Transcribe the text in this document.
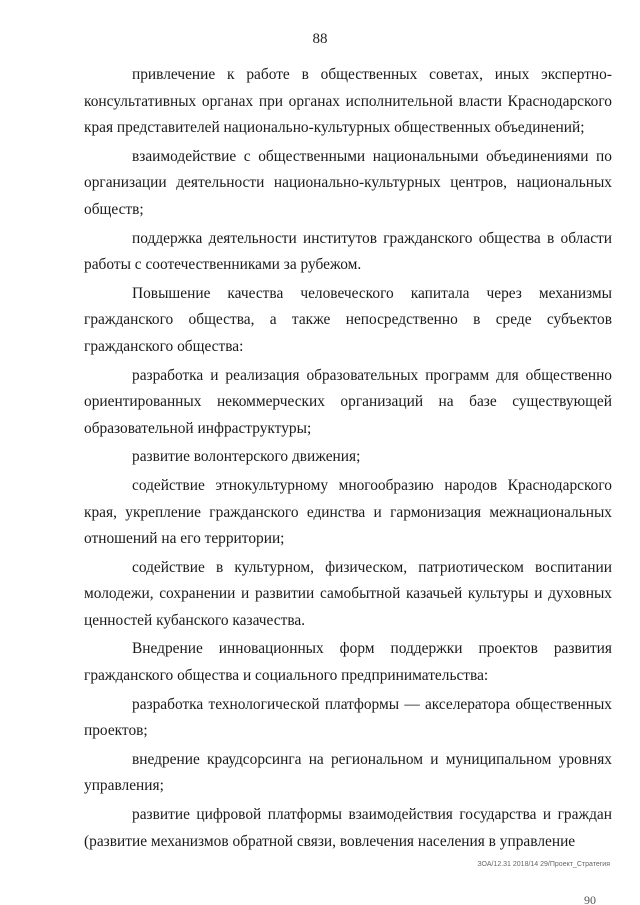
88

привлечение к работе в общественных советах, иных экспертно-консультативных органах при органах исполнительной власти Краснодарского края представителей национально-культурных общественных объединений;

взаимодействие с общественными национальными объединениями по организации деятельности национально-культурных центров, национальных обществ;

поддержка деятельности институтов гражданского общества в области работы с соотечественниками за рубежом.

Повышение качества человеческого капитала через механизмы гражданского общества, а также непосредственно в среде субъектов гражданского общества:

разработка и реализация образовательных программ для общественно ориентированных некоммерческих организаций на базе существующей образовательной инфраструктуры;

развитие волонтерского движения;

содействие этнокультурному многообразию народов Краснодарского края, укрепление гражданского единства и гармонизация межнациональных отношений на его территории;

содействие в культурном, физическом, патриотическом воспитании молодежи, сохранении и развитии самобытной казачьей культуры и духовных ценностей кубанского казачества.

Внедрение инновационных форм поддержки проектов развития гражданского общества и социального предпринимательства:

разработка технологической платформы — акселератора общественных проектов;

внедрение краудсорсинга на региональном и муниципальном уровнях управления;

развитие цифровой платформы взаимодействия государства и граждан (развитие механизмов обратной связи, вовлечения населения в управление

ЗОА/12.31 2018/14 29/Проект_Стратегия
90
